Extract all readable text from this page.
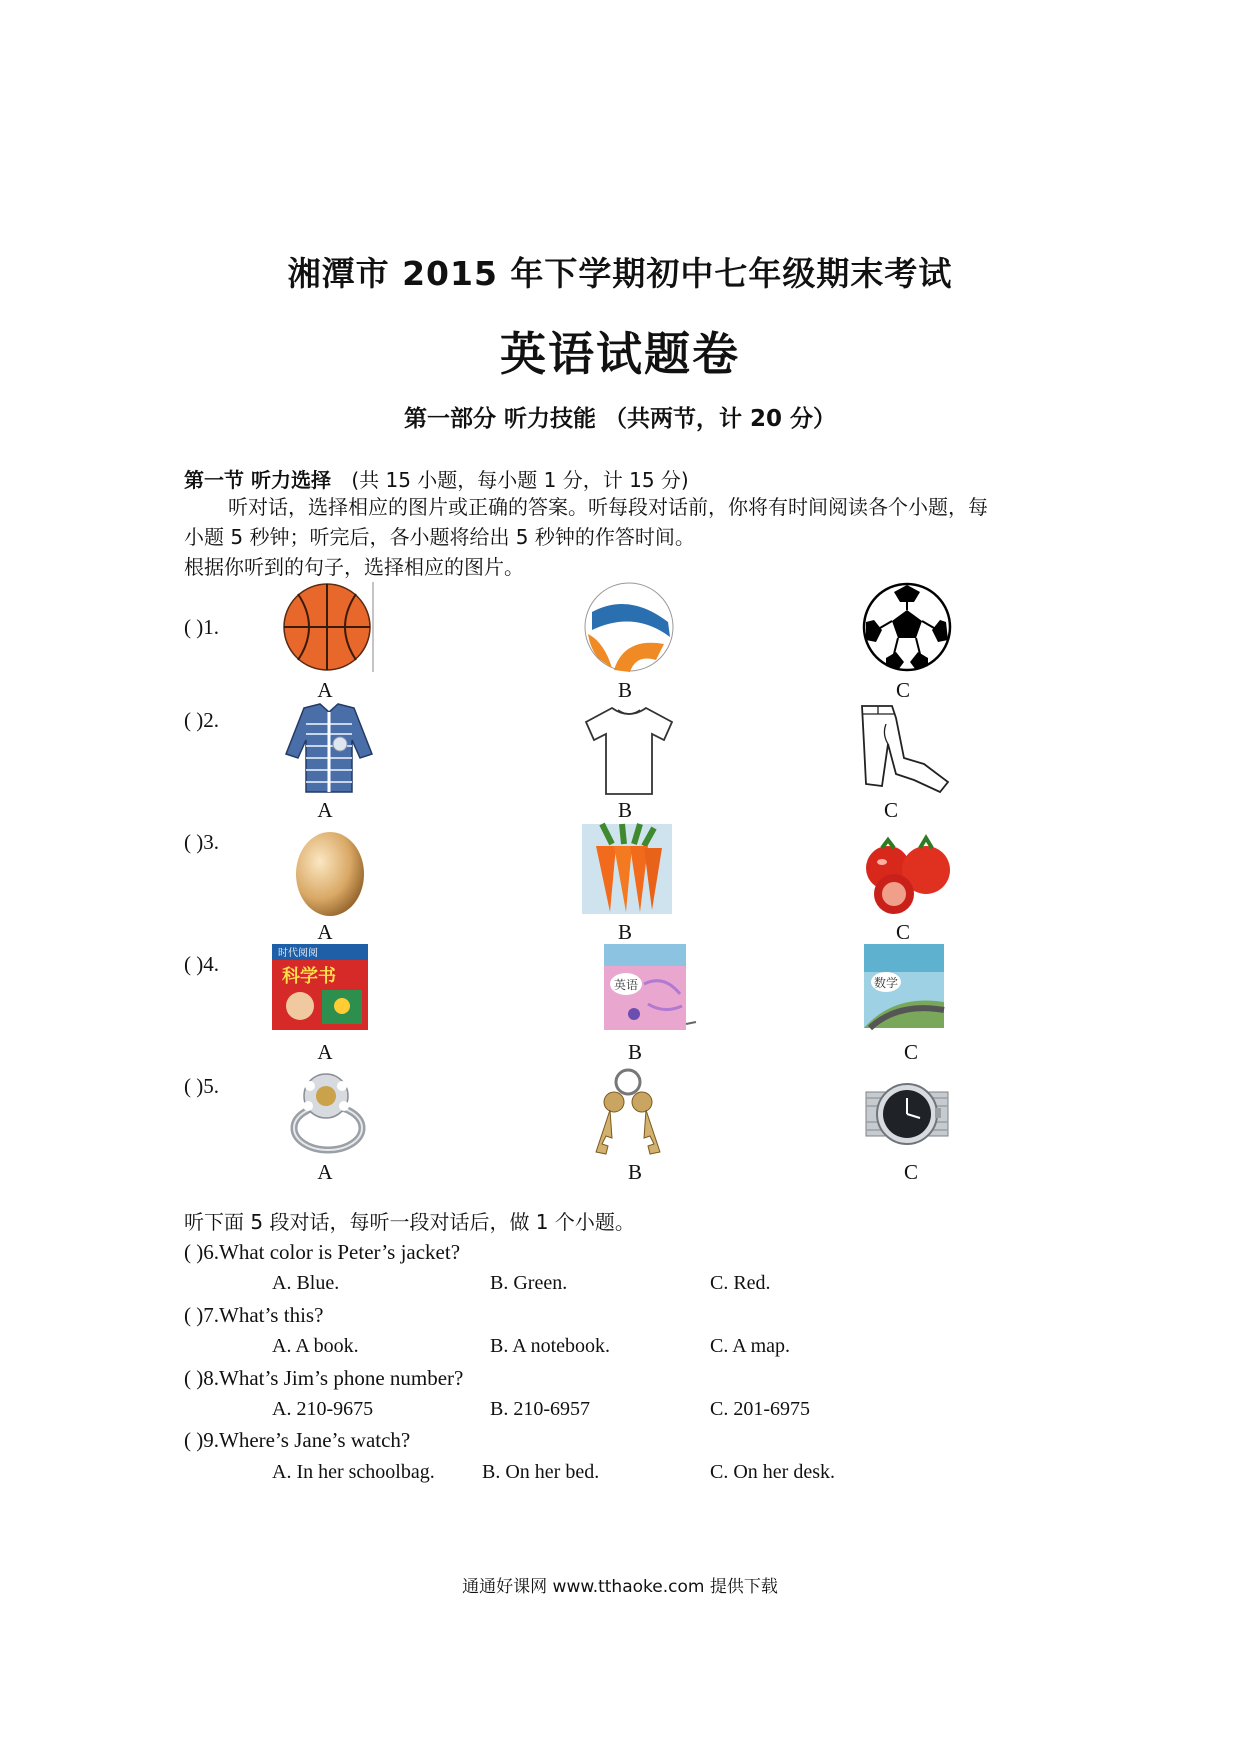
湘潭市 2015 年下学期初中七年级期末考试
英语试题卷
第一部分 听力技能 （共两节，计 20 分）
第一节 听力选择 (共 15 小题，每小题 1 分，计 15 分)
听对话，选择相应的图片或正确的答案。听每段对话前，你将有时间阅读各个小题，每
小题 5 秒钟；听完后，各小题将给出 5 秒钟的作答时间。
根据你听到的句子，选择相应的图片。
( )1.
A	B	C
( )2.
A	B	C
( )3.
A	B	C
( )4.	时代阅阅
科学书
A
英语
B
数学
C
( )5.
A	B	C
听下面 5 段对话，每听一段对话后，做 1 个小题。
( )6.What color is Peter’s jacket?
A. Blue.	B. Green.	C. Red.
( )7.What’s this?
A. A book.	B. A notebook.	C. A map.
( )8.What’s Jim’s phone number?
A. 210-9675	B. 210-6957	C. 201-6975
( )9.Where’s Jane’s watch?
A. In her schoolbag. B. On her bed.	C. On her desk.
通通好课网 www.tthaoke.com 提供下载
